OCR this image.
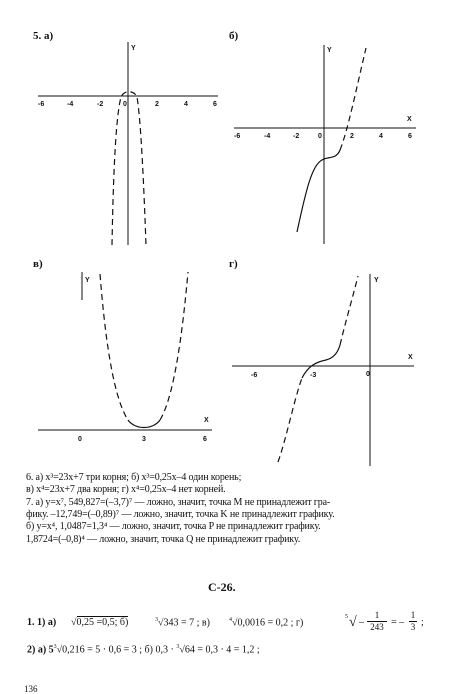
5. а)	б)
в)	г)
Y
-6	-4	-2	0	2	4	6
Y
X
-6	-4	-2	0	2	4	6
Y
X
0	3	6
Y
X
-6	-3	0
6. а) x³=23x+7 три корня; б) x³=0,25x–4 один корень;
в) x⁴=23x+7 два корня; г) x⁴=0,25x–4 нет корней.
7. а) y=x⁷, 549,827=(–3,7)⁷ — ложно, значит, точка M не принадлежит гра-
фику. –12,749=(–0,89)⁷ — ложно, значит, точка K не принадлежит графику.
б) y=x⁴, 1,0487=1,3⁴ — ложно, значит, точка P не принадлежит графику.
1,8724=(–0,8)⁴ — ложно, значит, точка Q не принадлежит графику.
С-26.
1. 1) а) √0,25 =0,5; б)	$^3$√343 = 7 ; в)	$^4$√0,0016 = 0,2 ; г)
5 √ –
1
243 = –
1
3 ;
2) а) $5^3√0,216 = 5 \cdot 0,6 = 3$ ; б) 0,3 · $^3$√64 = 0,3 · 4 = 1,2 ;
136
